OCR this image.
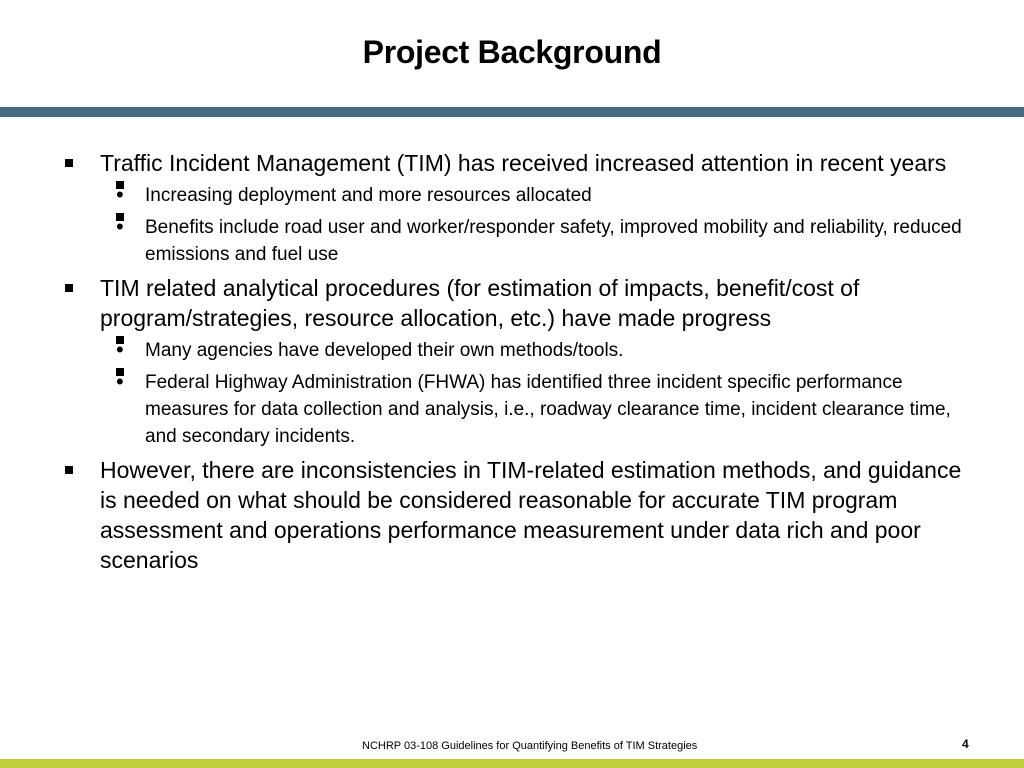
Project Background
Traffic Incident Management (TIM) has received increased attention in recent years
• Increasing deployment and more resources allocated
• Benefits include road user and worker/responder safety, improved mobility and reliability, reduced emissions and fuel use
TIM related analytical procedures (for estimation of impacts, benefit/cost of program/strategies, resource allocation, etc.) have made progress
• Many agencies have developed their own methods/tools.
• Federal Highway Administration (FHWA) has identified three incident specific performance measures for data collection and analysis, i.e., roadway clearance time, incident clearance time, and secondary incidents.
However, there are inconsistencies in TIM-related estimation methods, and guidance is needed on what should be considered reasonable for accurate TIM program assessment and operations performance measurement under data rich and poor scenarios
NCHRP 03-108 Guidelines for Quantifying Benefits of TIM Strategies	4
